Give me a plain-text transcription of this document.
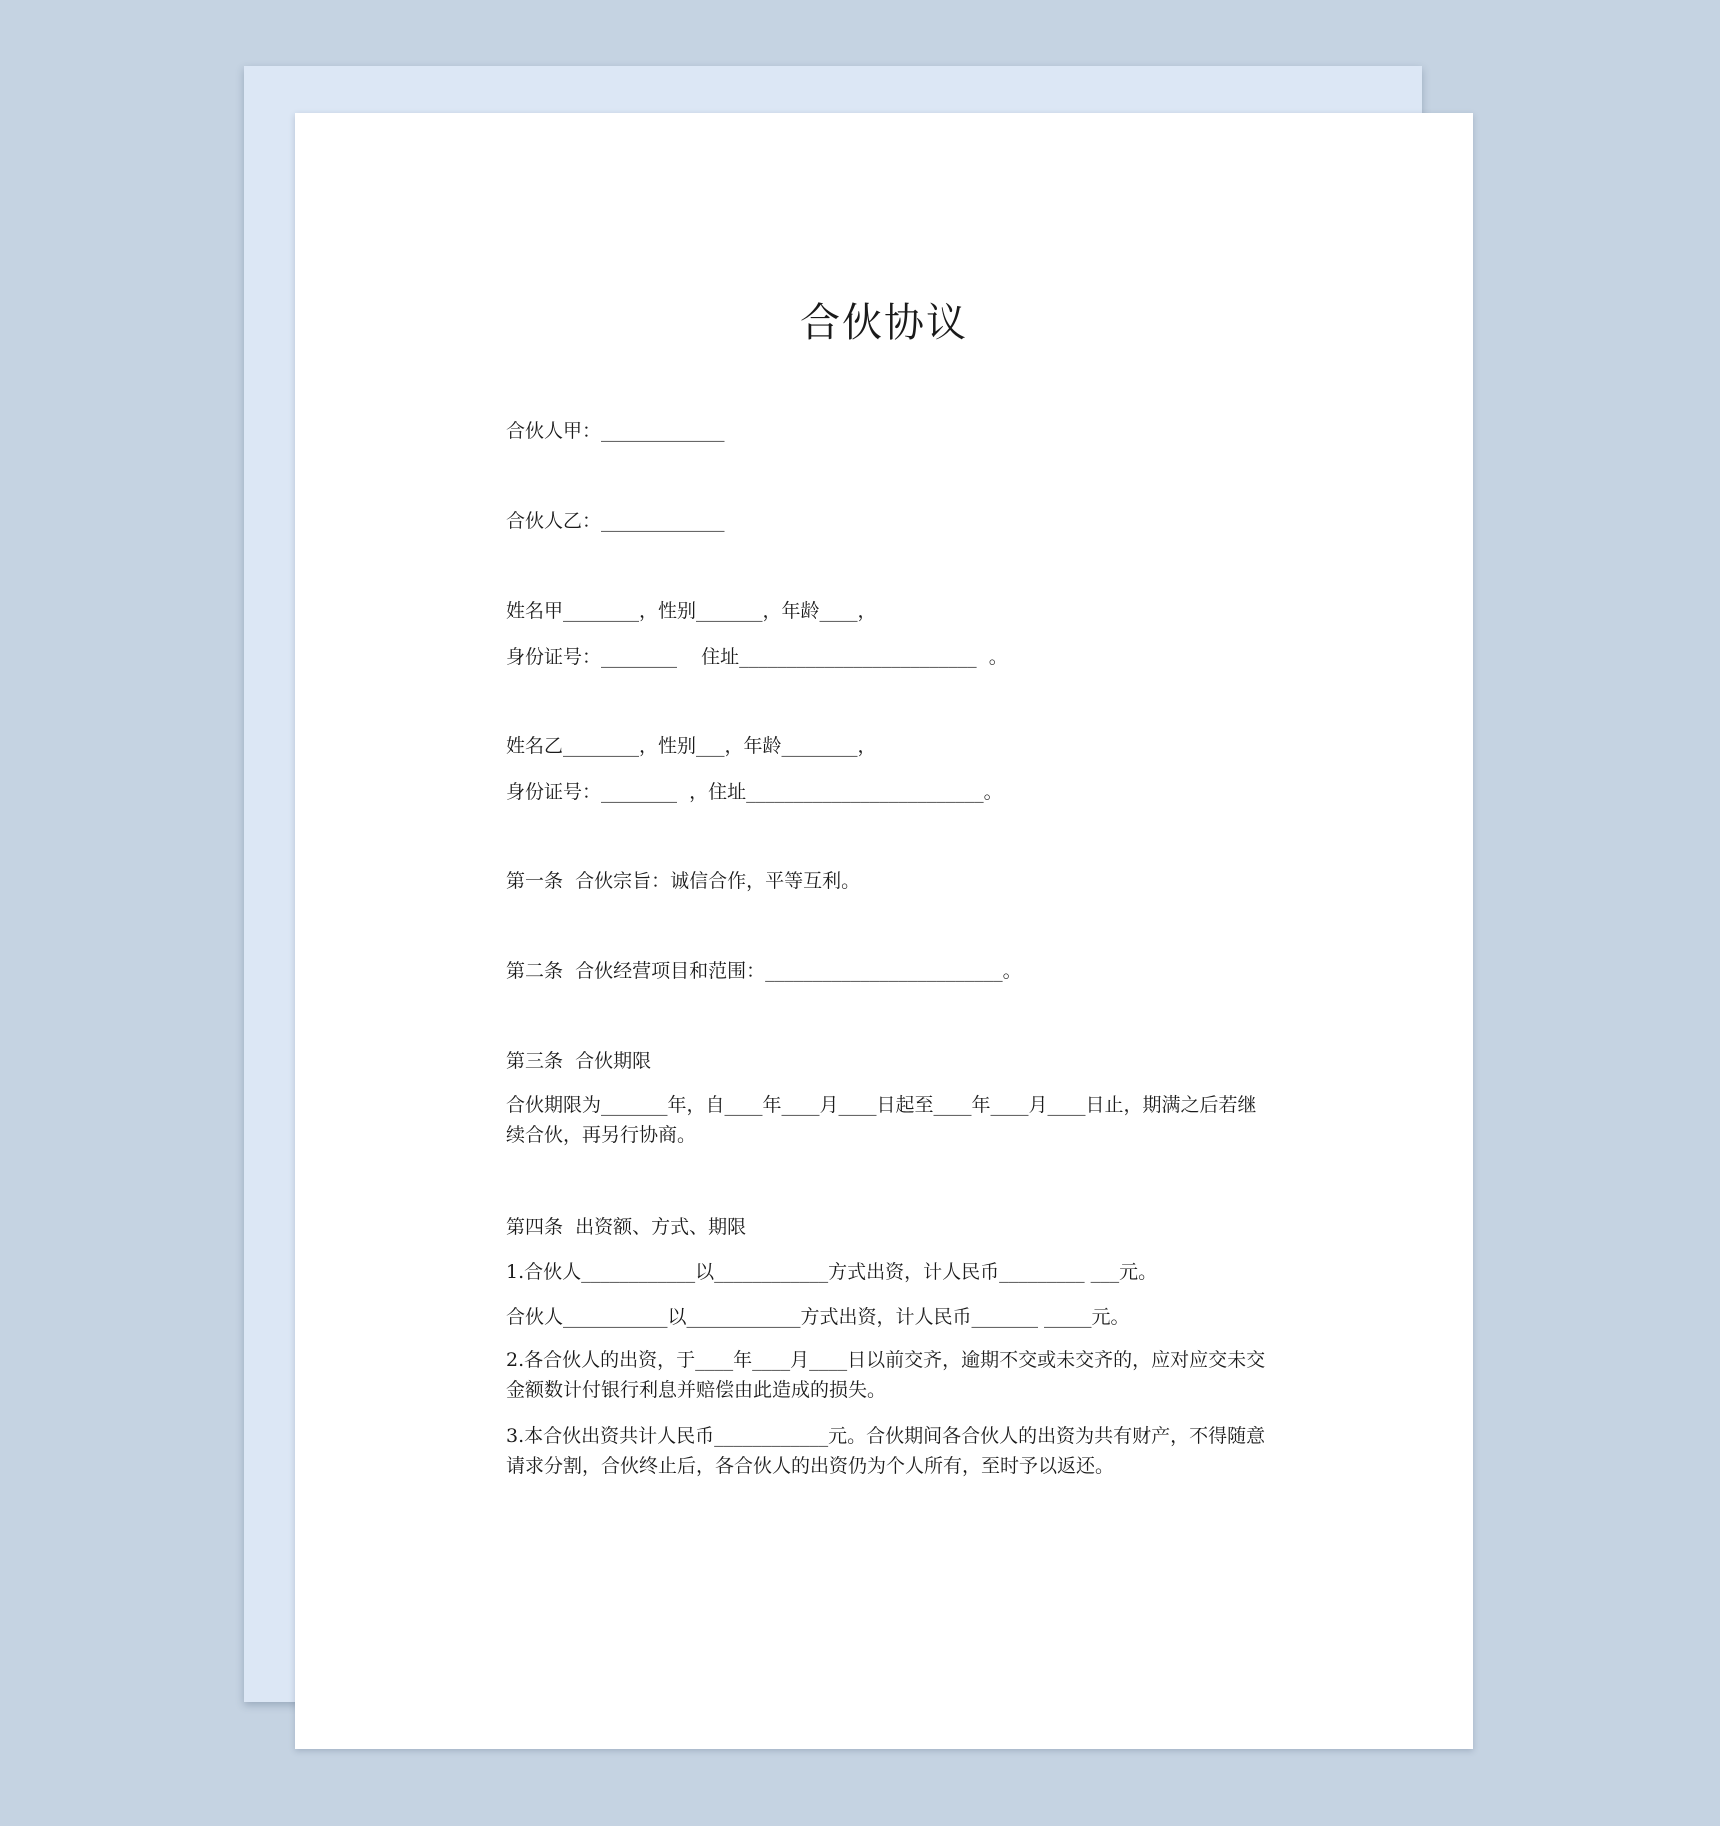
合伙协议

合伙人甲：_____________

合伙人乙：_____________

姓名甲________，性别_______，年龄____，

身份证号：________    住址_________________________  。

姓名乙________，性别___，年龄________，

身份证号：________  ，住址_________________________。

第一条  合伙宗旨：诚信合作，平等互利。

第二条  合伙经营项目和范围：_________________________。

第三条  合伙期限

合伙期限为_______年，自____年____月____日起至____年____月____日止，期满之后若继续合伙，再另行协商。

第四条  出资额、方式、期限

1.合伙人____________以____________方式出资，计人民币_________ ___元。

合伙人___________以____________方式出资，计人民币_______ _____元。

2.各合伙人的出资，于____年____月____日以前交齐，逾期不交或未交齐的，应对应交未交金额数计付银行利息并赔偿由此造成的损失。

3.本合伙出资共计人民币____________元。合伙期间各合伙人的出资为共有财产，不得随意请求分割，合伙终止后，各合伙人的出资仍为个人所有，至时予以返还。
